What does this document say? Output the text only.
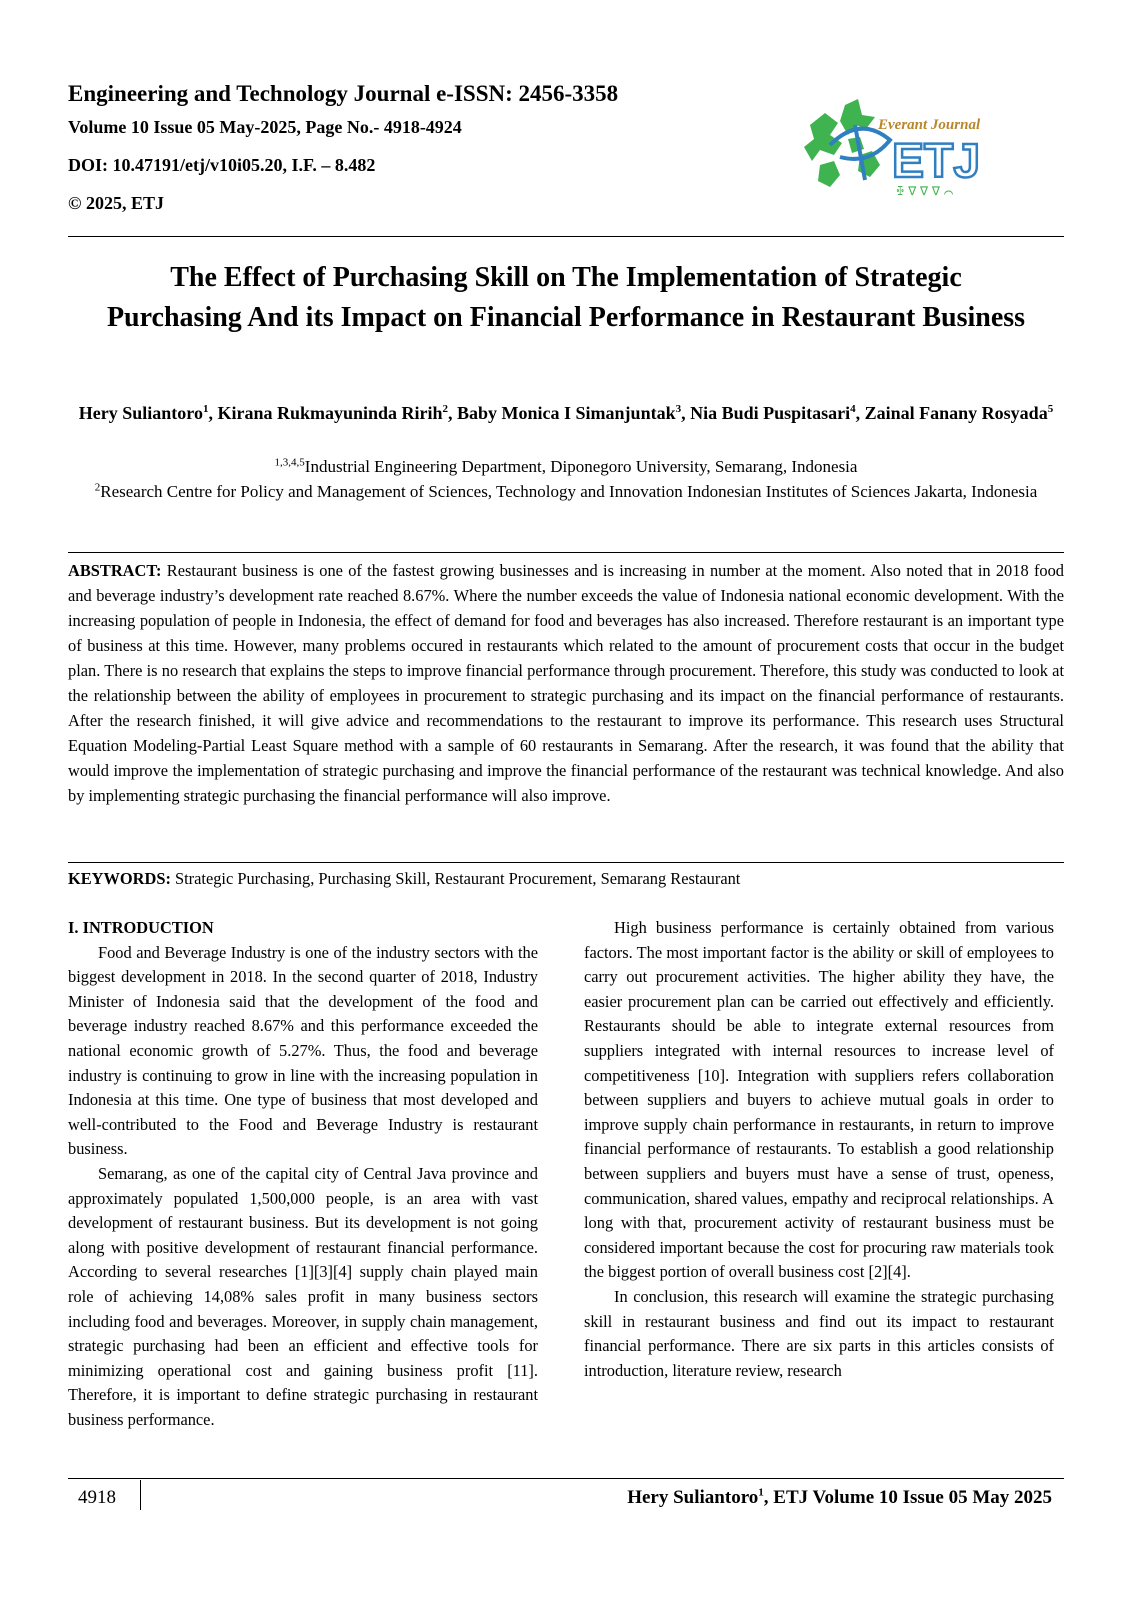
Engineering and Technology Journal e-ISSN: 2456-3358
Volume 10 Issue 05 May-2025, Page No.- 4918-4924
DOI: 10.47191/etj/v10i05.20, I.F. – 8.482
© 2025, ETJ
Everant Journal
ETJ
ꔀ ∇ ∇ ∇ ⌒
The Effect of Purchasing Skill on The Implementation of Strategic Purchasing And its Impact on Financial Performance in Restaurant Business
Hery Suliantoro$^1$, Kirana Rukmayuninda Ririh$^2$, Baby Monica I Simanjuntak$^3$, Nia Budi Puspitasari$^4$, Zainal Fanany Rosyada$^5$
$^{1,3,4,5}$Industrial Engineering Department, Diponegoro University, Semarang, Indonesia
$^2$Research Centre for Policy and Management of Sciences, Technology and Innovation Indonesian Institutes of Sciences Jakarta, Indonesia

ABSTRACT: Restaurant business is one of the fastest growing businesses and is increasing in number at the moment. Also noted that in 2018 food and beverage industry’s development rate reached 8.67%. Where the number exceeds the value of Indonesia national economic development. With the increasing population of people in Indonesia, the effect of demand for food and beverages has also increased. Therefore restaurant is an important type of business at this time. However, many problems occured in restaurants which related to the amount of procurement costs that occur in the budget plan. There is no research that explains the steps to improve financial performance through procurement. Therefore, this study was conducted to look at the relationship between the ability of employees in procurement to strategic purchasing and its impact on the financial performance of restaurants. After the research finished, it will give advice and recommendations to the restaurant to improve its performance. This research uses Structural Equation Modeling-Partial Least Square method with a sample of 60 restaurants in Semarang. After the research, it was found that the ability that would improve the implementation of strategic purchasing and improve the financial performance of the restaurant was technical knowledge. And also by implementing strategic purchasing the financial performance will also improve.

KEYWORDS: Strategic Purchasing, Purchasing Skill, Restaurant Procurement, Semarang Restaurant

I. INTRODUCTION

Food and Beverage Industry is one of the industry sectors with the biggest development in 2018. In the second quarter of 2018, Industry Minister of Indonesia said that the development of the food and beverage industry reached 8.67% and this performance exceeded the national economic growth of 5.27%. Thus, the food and beverage industry is continuing to grow in line with the increasing population in Indonesia at this time. One type of business that most developed and well-contributed to the Food and Beverage Industry is restaurant business.

Semarang, as one of the capital city of Central Java province and approximately populated 1,500,000 people, is an area with vast development of restaurant business. But its development is not going along with positive development of restaurant financial performance. According to several researches [1][3][4] supply chain played main role of achieving 14,08% sales profit in many business sectors including food and beverages. Moreover, in supply chain management, strategic purchasing had been an efficient and effective tools for minimizing operational cost and gaining business profit [11]. Therefore, it is important to define strategic purchasing in restaurant business performance.

High business performance is certainly obtained from various factors. The most important factor is the ability or skill of employees to carry out procurement activities. The higher ability they have, the easier procurement plan can be carried out effectively and efficiently. Restaurants should be able to integrate external resources from suppliers integrated with internal resources to increase level of competitiveness [10]. Integration with suppliers refers collaboration between suppliers and buyers to achieve mutual goals in order to improve supply chain performance in restaurants, in return to improve financial performance of restaurants. To establish a good relationship between suppliers and buyers must have a sense of trust, openess, communication, shared values, empathy and reciprocal relationships. A long with that, procurement activity of restaurant business must be considered important because the cost for procuring raw materials took the biggest portion of overall business cost [2][4].

In conclusion, this research will examine the strategic purchasing skill in restaurant business and find out its impact to restaurant financial performance. There are six parts in this articles consists of introduction, literature review, research

4918	Hery Suliantoro$^1$, ETJ Volume 10 Issue 05 May 2025
